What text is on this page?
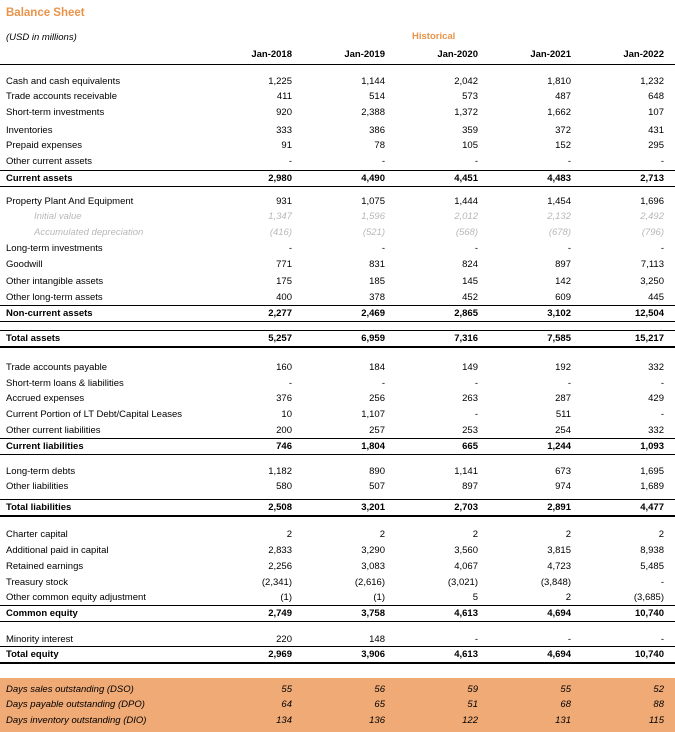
Balance Sheet
(USD in millions)	Historical
Jan-2018	Jan-2019	Jan-2020	Jan-2021	Jan-2022
Cash and cash equivalents	1,225	1,144	2,042	1,810	1,232
Trade accounts receivable	411	514	573	487	648
Short-term investments	920	2,388	1,372	1,662	107
Inventories	333	386	359	372	431
Prepaid expenses	91	78	105	152	295
Other current assets	-	-	-	-	-
Current assets	2,980	4,490	4,451	4,483	2,713
Property Plant And Equipment	931	1,075	1,444	1,454	1,696
Initial value	1,347	1,596	2,012	2,132	2,492
Accumulated depreciation	(416)	(521)	(568)	(678)	(796)
Long-term investments	-	-	-	-	-
Goodwill	771	831	824	897	7,113
Other intangible assets	175	185	145	142	3,250
Other long-term assets	400	378	452	609	445
Non-current assets	2,277	2,469	2,865	3,102	12,504
Total assets	5,257	6,959	7,316	7,585	15,217
Trade accounts payable	160	184	149	192	332
Short-term loans & liabilities	-	-	-	-	-
Accrued expenses	376	256	263	287	429
Current Portion of LT Debt/Capital Leases	10	1,107	-	511	-
Other current liabilities	200	257	253	254	332
Current liabilities	746	1,804	665	1,244	1,093
Long-term debts	1,182	890	1,141	673	1,695
Other liabilities	580	507	897	974	1,689
Total liabilities	2,508	3,201	2,703	2,891	4,477
Charter capital	2	2	2	2	2
Additional paid in capital	2,833	3,290	3,560	3,815	8,938
Retained earnings	2,256	3,083	4,067	4,723	5,485
Treasury stock	(2,341)	(2,616)	(3,021)	(3,848)	-
Other common equity adjustment	(1)	(1)	5	2	(3,685)
Common equity	2,749	3,758	4,613	4,694	10,740
Minority interest	220	148	-	-	-
Total equity	2,969	3,906	4,613	4,694	10,740
Days sales outstanding (DSO)	55	56	59	55	52
Days payable outstanding (DPO)	64	65	51	68	88
Days inventory outstanding (DIO)	134	136	122	131	115
